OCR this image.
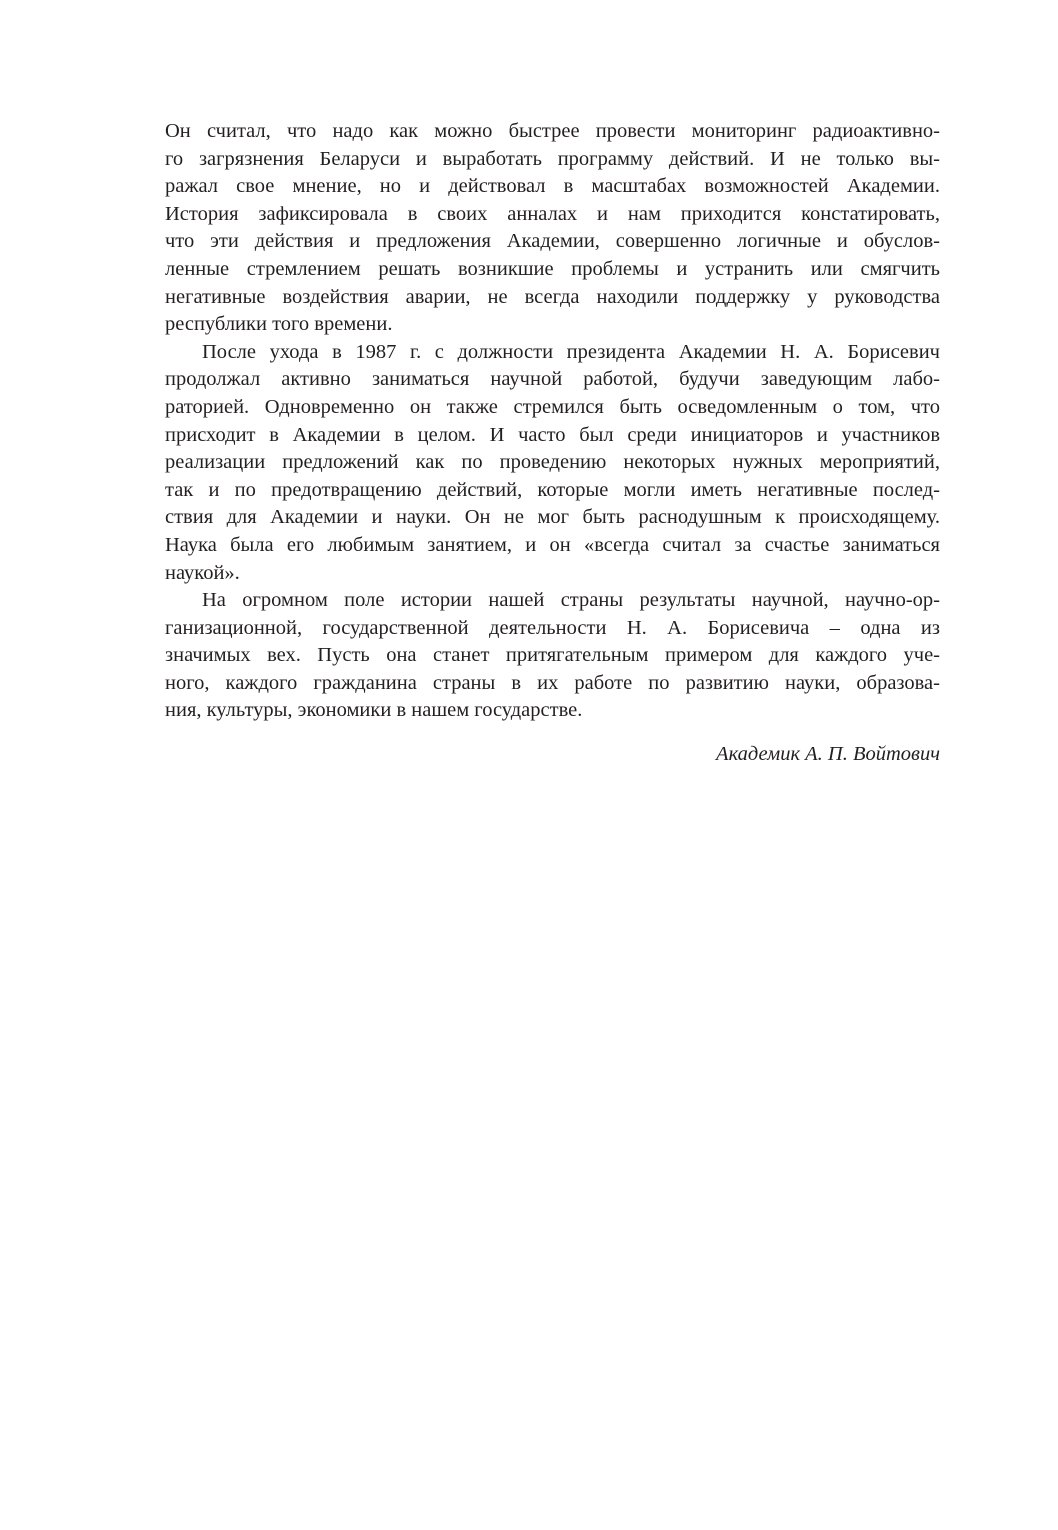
Он считал, что надо как можно быстрее провести мониторинг радиоактивно-
го загрязнения Беларуси и выработать программу действий. И не только вы-
ражал свое мнение, но и действовал в масштабах возможностей Академии.
История зафиксировала в своих анналах и нам приходится констатировать,
что эти действия и предложения Академии, совершенно логичные и обуслов-
ленные стремлением решать возникшие проблемы и устранить или смягчить
негативные воздействия аварии, не всегда находили поддержку у руководства
республики того времени.
После ухода в 1987 г. с должности президента Академии Н. А. Борисевич
продолжал активно заниматься научной работой, будучи заведующим лабо-
раторией. Одновременно он также стремился быть осведомленным о том, что
присходит в Академии в целом. И часто был среди инициаторов и участников
реализации предложений как по проведению некоторых нужных мероприятий,
так и по предотвращению действий, которые могли иметь негативные послед-
ствия для Академии и науки. Он не мог быть раснодушным к происходящему.
Наука была его любимым занятием, и он «всегда считал за счастье заниматься
наукой».
На огромном поле истории нашей страны результаты научной, научно-ор-
ганизационной, государственной деятельности Н. А. Борисевича – одна из
значимых вех. Пусть она станет притягательным примером для каждого уче-
ного, каждого гражданина страны в их работе по развитию науки, образова-
ния, культуры, экономики в нашем государстве.
Академик А. П. Войтович
